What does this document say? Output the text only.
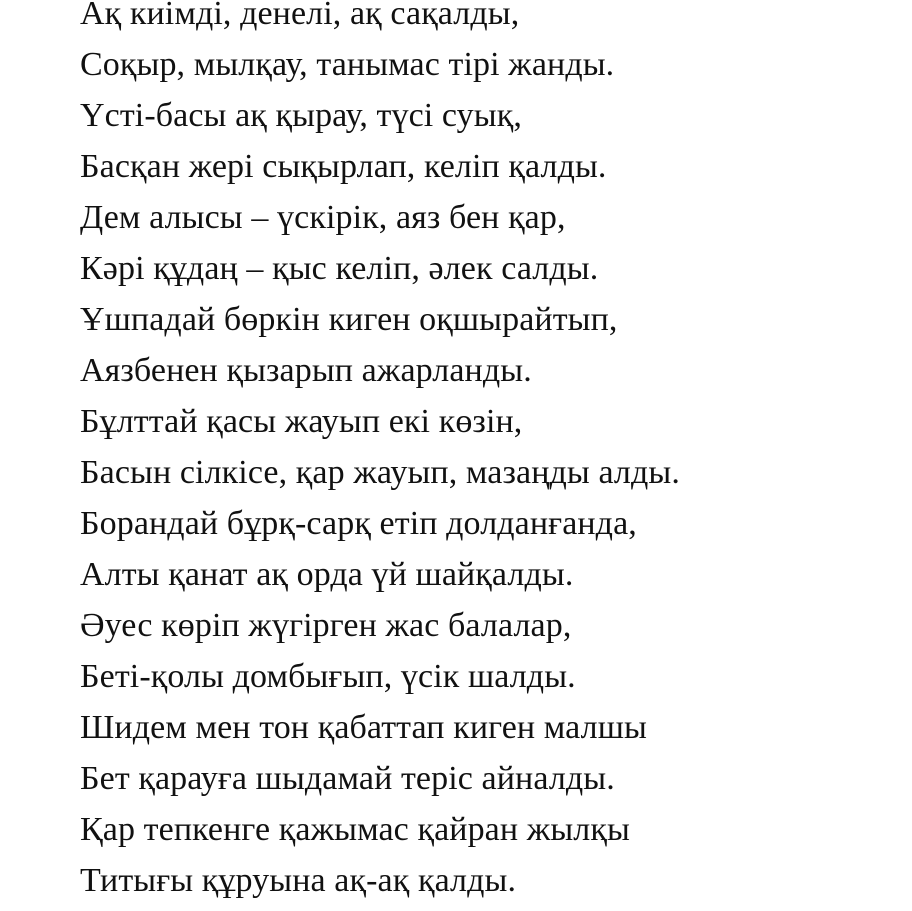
Ақ киімді, денелі, ақ сақалды,
Соқыр, мылқау, танымас тірі жанды.
Үсті-басы ақ қырау, түсі суық,
Басқан жері сықырлап, келіп қалды.
Дем алысы – үскірік, аяз бен қар,
Кәрі құдаң – қыс келіп, әлек салды.
Ұшпадай бөркін киген оқшырайтып,
Аязбенен қызарып ажарланды.
Бұлттай қасы жауып екі көзін,
Басын сілкісе, қар жауып, мазаңды алды.
Борандай бұрқ-сарқ етіп долданғанда,
Алты қанат ақ орда үй шайқалды.
Әуес көріп жүгірген жас балалар,
Беті-қолы домбығып, үсік шалды.
Шидем мен тон қабаттап киген малшы
Бет қарауға шыдамай теріс айналды.
Қар тепкенге қажымас қайран жылқы
Титығы құруына ақ-ақ қалды.
